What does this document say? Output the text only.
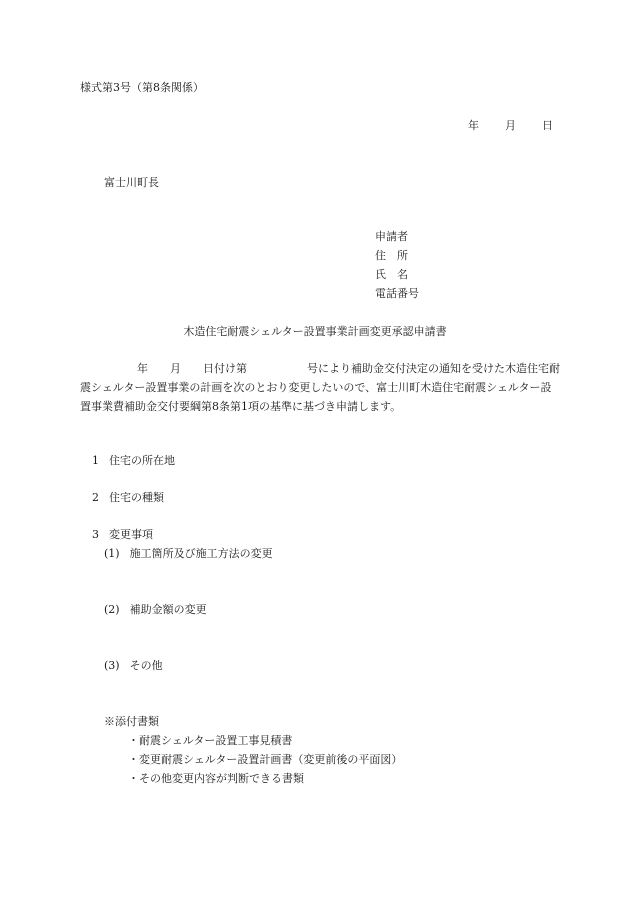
様式第3号（第8条関係）
年 月 日
富士川町長
申請者
住　所
氏　名
電話番号
木造住宅耐震シェルター設置事業計画変更承認申請書
年 月 日付け第	号により補助金交付決定の通知を受けた木造住宅耐震シェルター設置事業の計画を次のとおり変更したいので、富士川町木造住宅耐震シェルター設置事業費補助金交付要綱第8条第1項の基準に基づき申請します。
1 住宅の所在地
2 住宅の種類
3 変更事項
(1) 施工箇所及び施工方法の変更
(2) 補助金額の変更
(3) その他
※添付書類
・耐震シェルター設置工事見積書
・変更耐震シェルター設置計画書（変更前後の平面図）
・その他変更内容が判断できる書類
